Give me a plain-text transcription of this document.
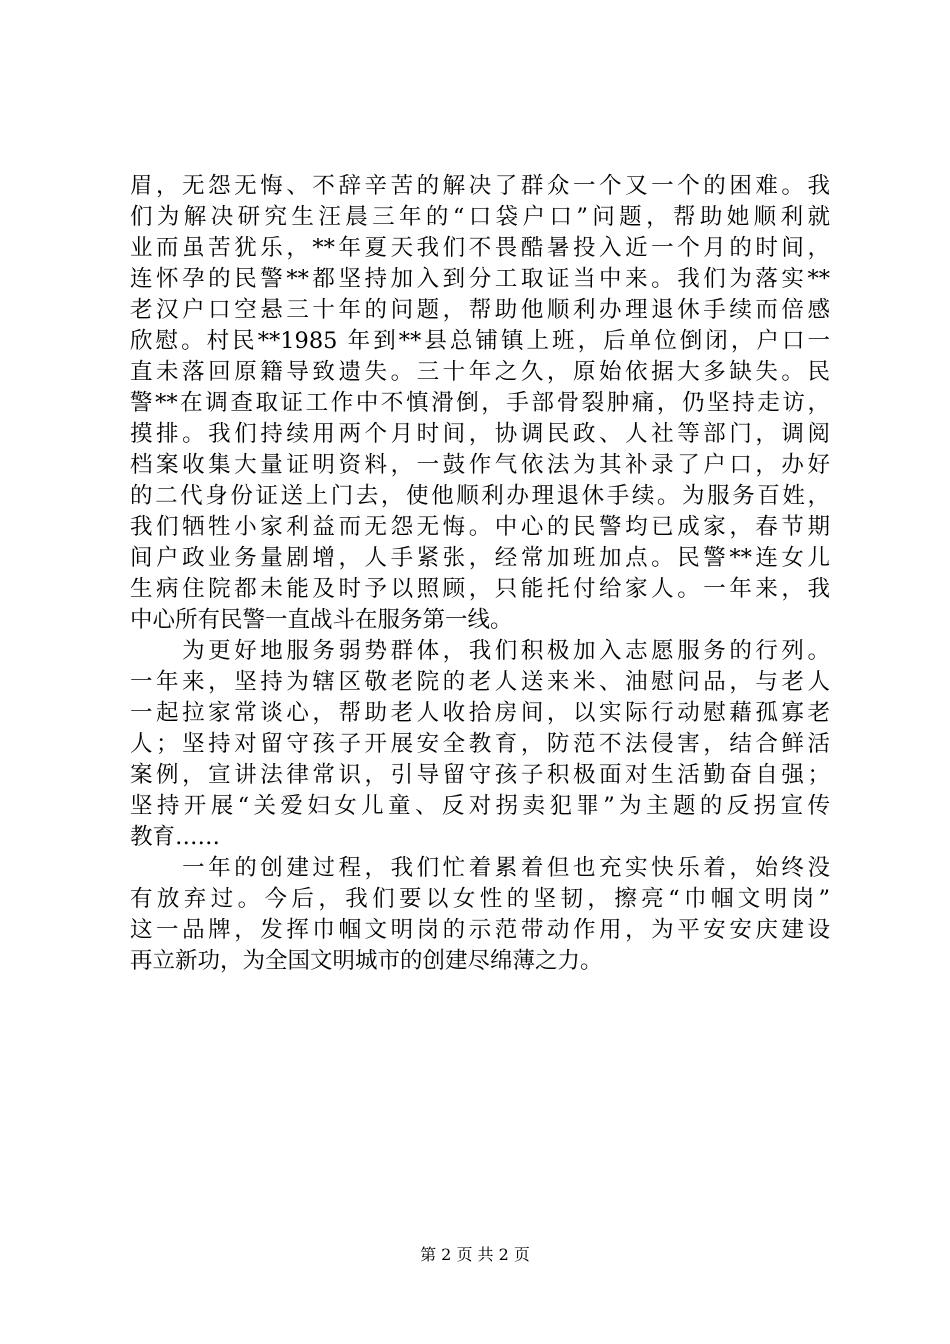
眉，无怨无悔、不辞辛苦的解决了群众一个又一个的困难。我
们为解决研究生汪晨三年的“口袋户口”问题，帮助她顺利就
业而虽苦犹乐，**年夏天我们不畏酷暑投入近一个月的时间，
连怀孕的民警**都坚持加入到分工取证当中来。我们为落实**
老汉户口空悬三十年的问题，帮助他顺利办理退休手续而倍感
欣慰。村民**1985 年到**县总铺镇上班，后单位倒闭，户口一
直未落回原籍导致遗失。三十年之久，原始依据大多缺失。民
警**在调查取证工作中不慎滑倒，手部骨裂肿痛，仍坚持走访，
摸排。我们持续用两个月时间，协调民政、人社等部门，调阅
档案收集大量证明资料，一鼓作气依法为其补录了户口，办好
的二代身份证送上门去，使他顺利办理退休手续。为服务百姓，
我们牺牲小家利益而无怨无悔。中心的民警均已成家，春节期
间户政业务量剧增，人手紧张，经常加班加点。民警**连女儿
生病住院都未能及时予以照顾，只能托付给家人。一年来，我
中心所有民警一直战斗在服务第一线。
　　为更好地服务弱势群体，我们积极加入志愿服务的行列。
一年来，坚持为辖区敬老院的老人送来米、油慰问品，与老人
一起拉家常谈心，帮助老人收拾房间，以实际行动慰藉孤寡老
人；坚持对留守孩子开展安全教育，防范不法侵害，结合鲜活
案例，宣讲法律常识，引导留守孩子积极面对生活勤奋自强；
坚持开展“关爱妇女儿童、反对拐卖犯罪”为主题的反拐宣传
教育……
　　一年的创建过程，我们忙着累着但也充实快乐着，始终没
有放弃过。今后，我们要以女性的坚韧，擦亮“巾帼文明岗”
这一品牌，发挥巾帼文明岗的示范带动作用，为平安安庆建设
再立新功，为全国文明城市的创建尽绵薄之力。
第 2 页 共 2 页
